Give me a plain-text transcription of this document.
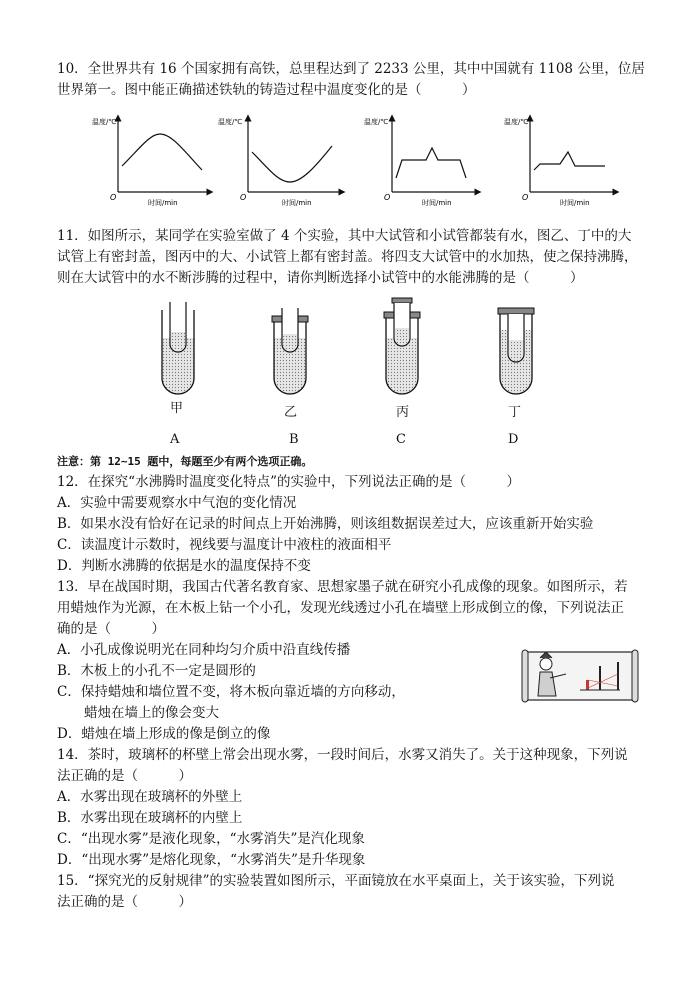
10．全世界共有 16 个国家拥有高铁，总里程达到了 2233 公里，其中中国就有 1108 公里，位居
世界第一。图中能正确描述铁轨的铸造过程中温度变化的是（　　　）
温度/℃
时间/min
O
温度/℃
时间/min
O
温度/℃
时间/min
O
温度/℃
时间/min
O
11．如图所示，某同学在实验室做了 4 个实验，其中大试管和小试管都装有水，图乙、丁中的大
试管上有密封盖，图丙中的大、小试管上都有密封盖。将四支大试管中的水加热，使之保持沸腾，
则在大试管中的水不断涉腾的过程中，请你判断选择小试管中的水能沸腾的是（　　　）
甲	乙	丙	丁
A	B	C	D
注意：第 12~15 题中，每题至少有两个选项正确。
12．在探究“水沸腾时温度变化特点”的实验中，下列说法正确的是（　　　）
A．实验中需要观察水中气泡的变化情况
B．如果水没有恰好在记录的时间点上开始沸腾，则该组数据误差过大，应该重新开始实验
C．读温度计示数时，视线要与温度计中液柱的液面相平
D．判断水沸腾的依据是水的温度保持不变
13．早在战国时期，我国古代著名教育家、思想家墨子就在研究小孔成像的现象。如图所示，若
用蜡烛作为光源，在木板上钻一个小孔，发现光线透过小孔在墙壁上形成倒立的像，下列说法正
确的是（　　　）
A．小孔成像说明光在同种均匀介质中沿直线传播
B．木板上的小孔不一定是圆形的
C．保持蜡烛和墙位置不变，将木板向靠近墙的方向移动，
蜡烛在墙上的像会变大
D．蜡烛在墙上形成的像是倒立的像
14．茶时，玻璃杯的杯壁上常会出现水雾，一段时间后，水雾又消失了。关于这种现象，下列说
法正确的是（　　　）
A．水雾出现在玻璃杯的外壁上
B．水雾出现在玻璃杯的内壁上
C．“出现水雾”是液化现象，“水雾消失”是汽化现象
D．“出现水雾”是熔化现象，“水雾消失”是升华现象
15．“探究光的反射规律”的实验装置如图所示，平面镜放在水平桌面上，关于该实验，下列说
法正确的是（　　　）
